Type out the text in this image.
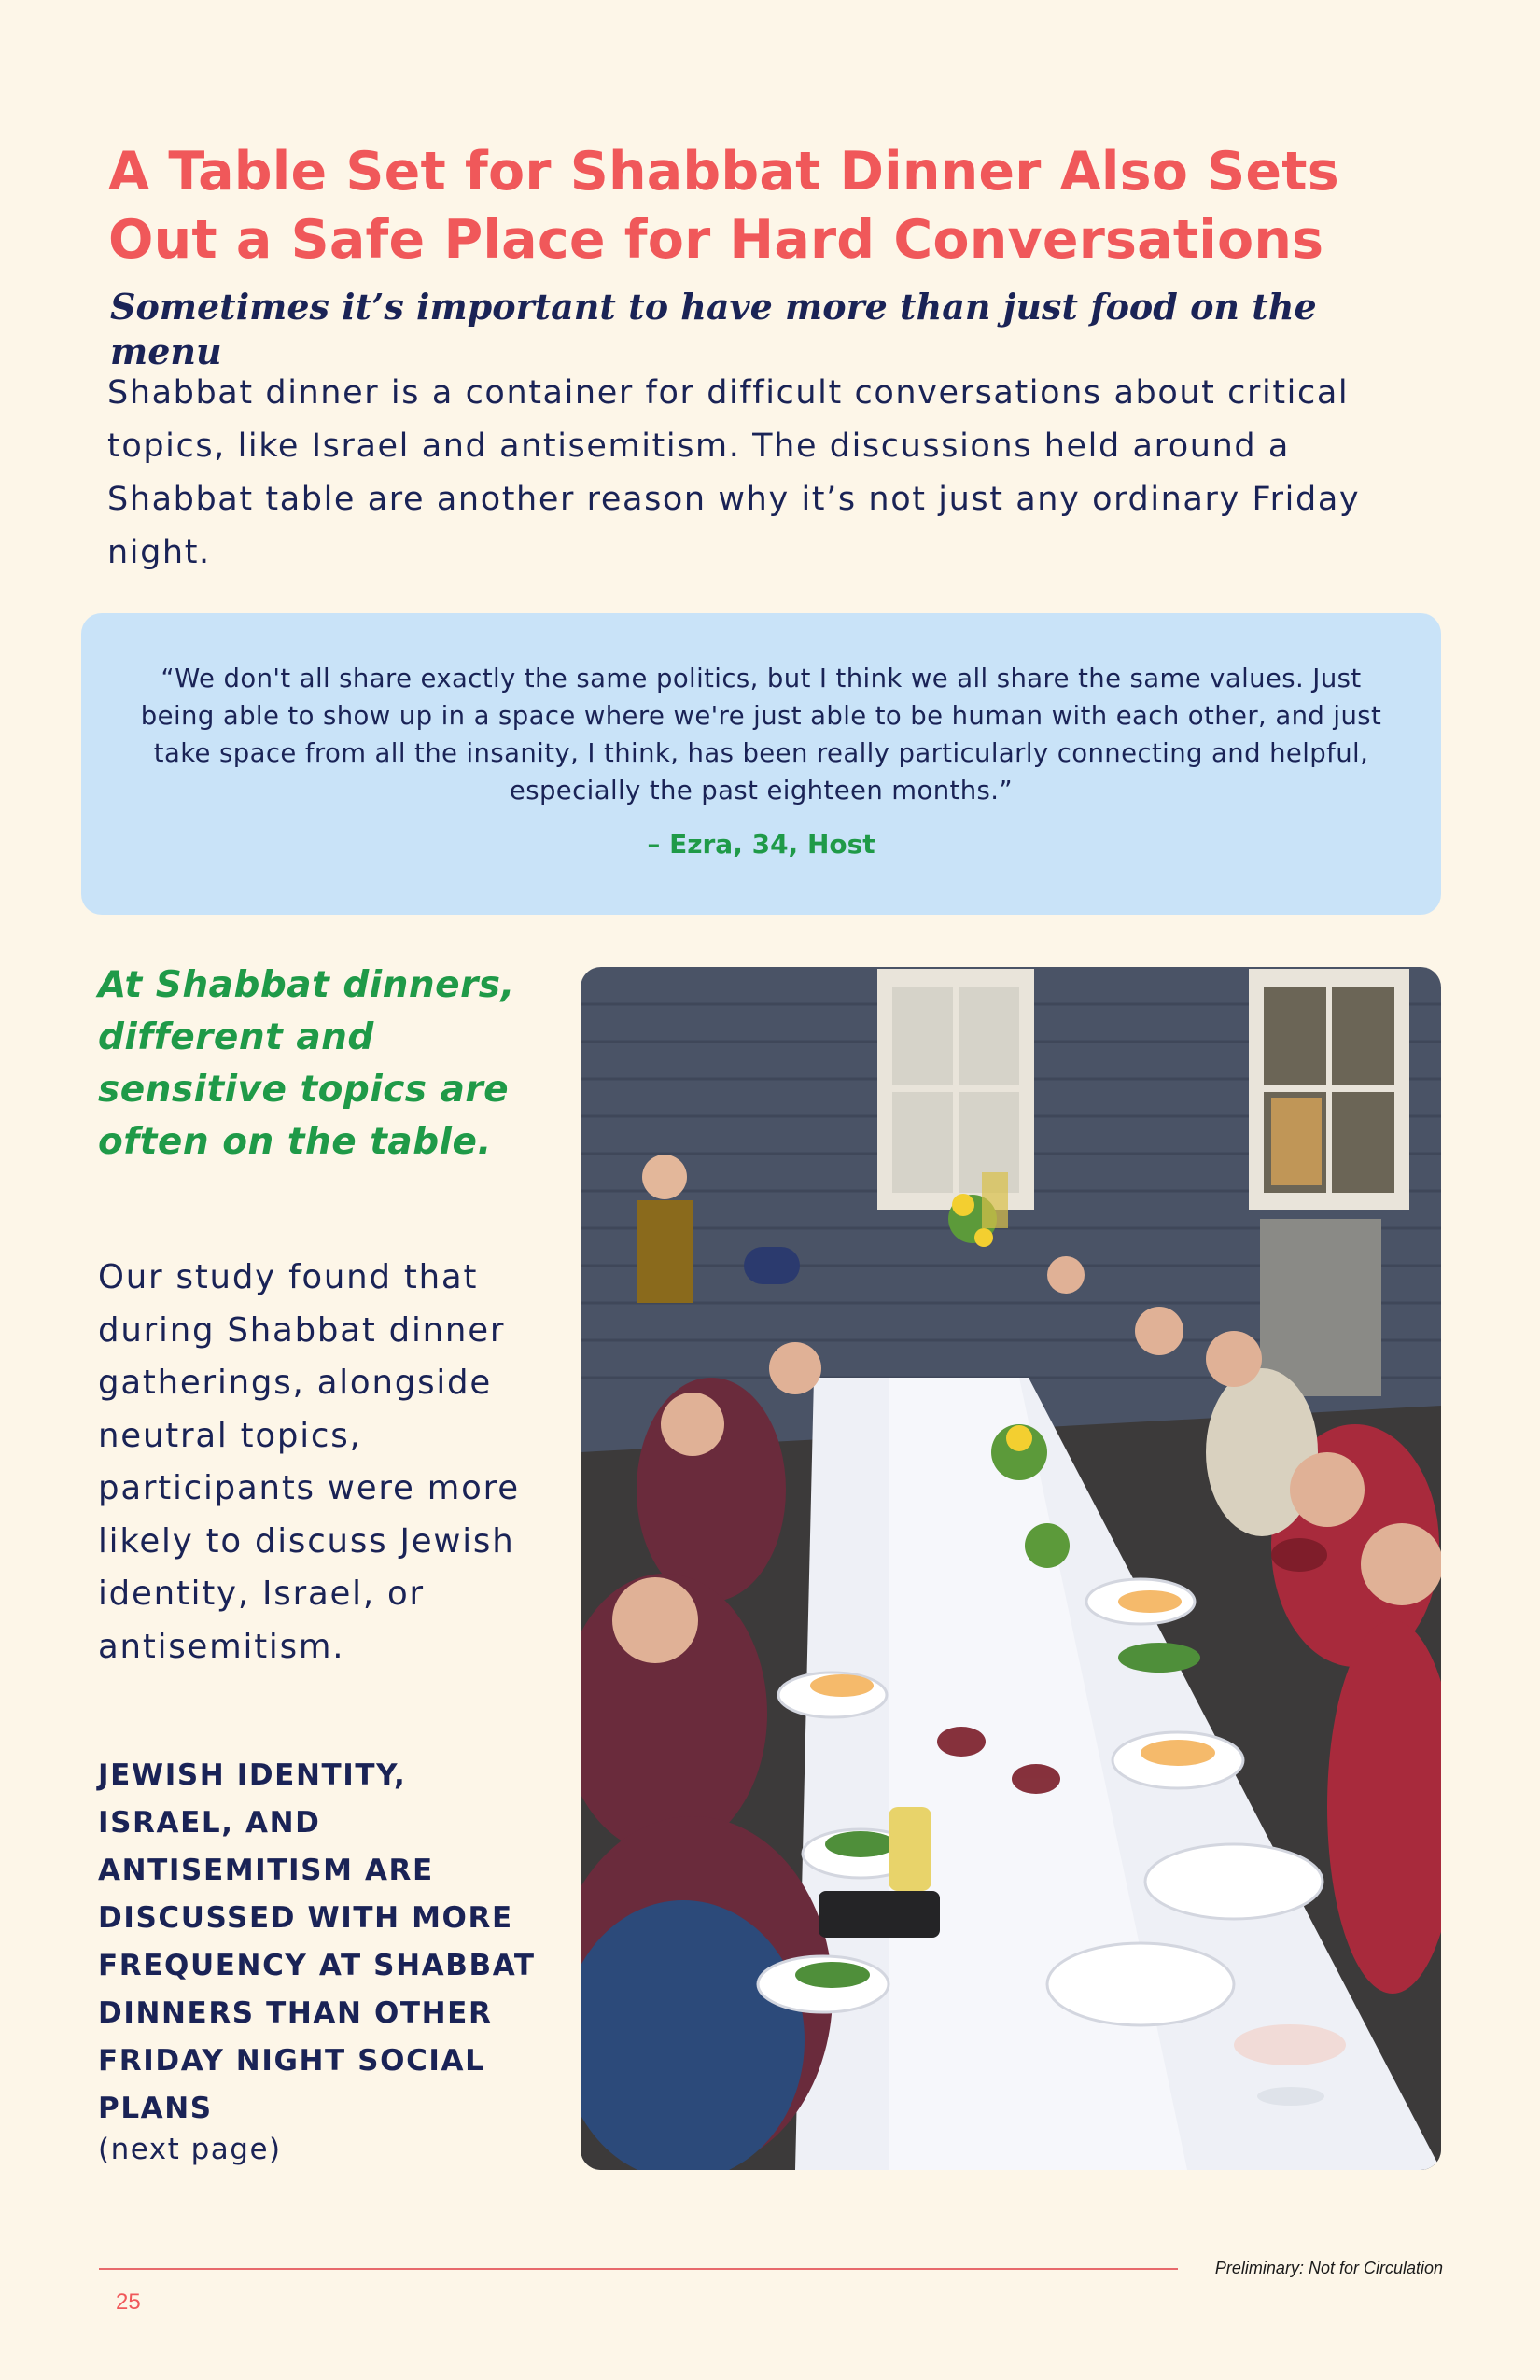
A Table Set for Shabbat Dinner Also Sets Out a Safe Place for Hard Conversations
Sometimes it’s important to have more than just food on the menu

Shabbat dinner is a container for difficult conversations about critical topics, like Israel and antisemitism. The discussions held around a Shabbat table are another reason why it’s not just any ordinary Friday night.

“We don't all share exactly the same politics, but I think we all share the same values. Just being able to show up in a space where we're just able to be human with each other, and just take space from all the insanity, I think, has been really particularly connecting and helpful, especially the past eighteen months.”

– Ezra, 34, Host

At Shabbat dinners, different and sensitive topics are often on the table.

Our study found that during Shabbat dinner gatherings, alongside neutral topics, participants were more likely to discuss Jewish identity, Israel, or antisemitism.

JEWISH IDENTITY, ISRAEL, AND ANTISEMITISM ARE DISCUSSED WITH MORE FREQUENCY AT SHABBAT DINNERS THAN OTHER FRIDAY NIGHT SOCIAL PLANS

(next page)

Preliminary: Not for Circulation

25
